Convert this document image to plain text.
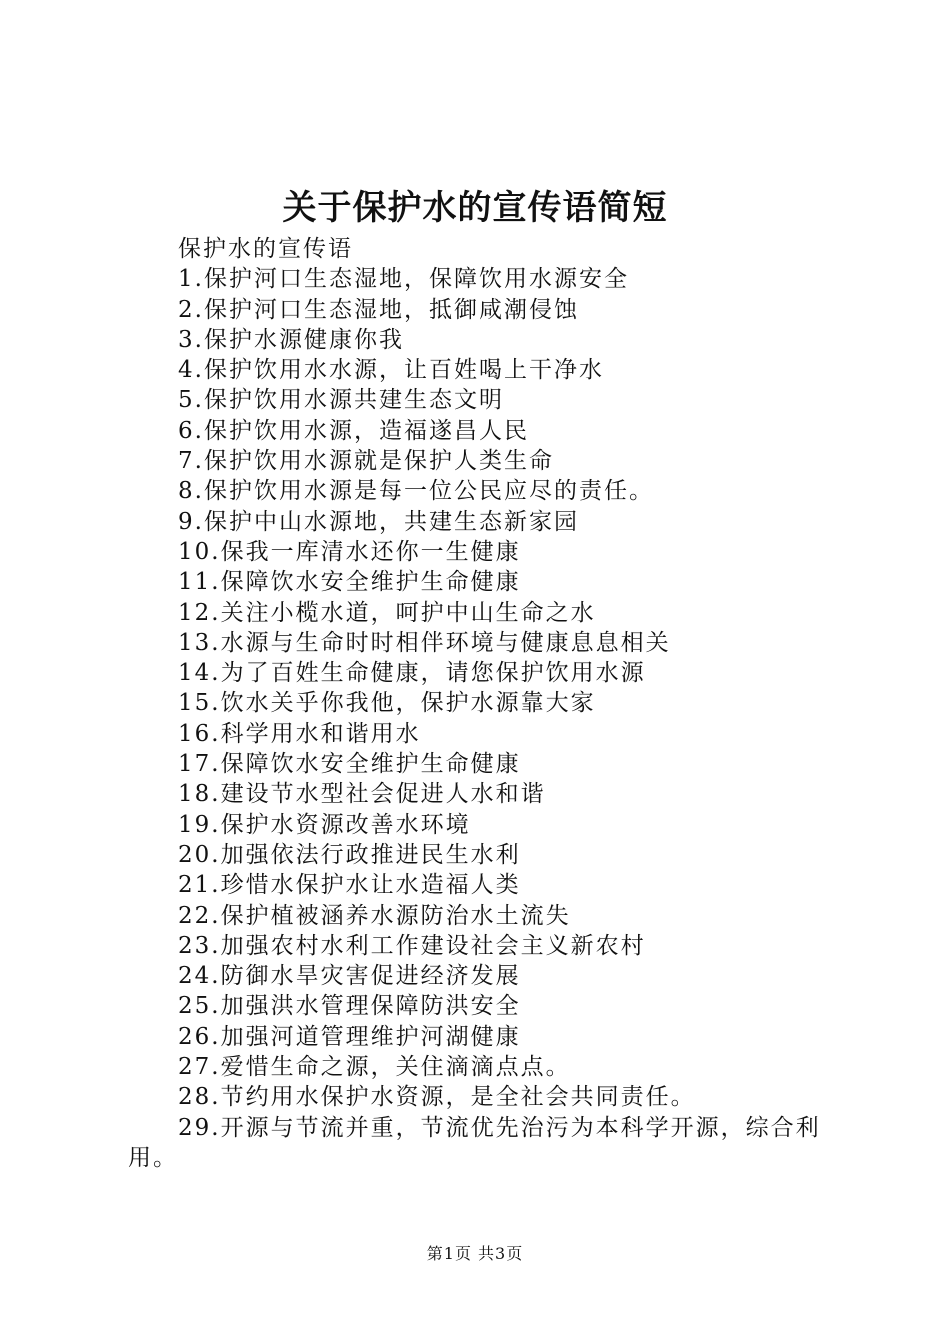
关于保护水的宣传语简短

保护水的宣传语

1.保护河口生态湿地，保障饮用水源安全

2.保护河口生态湿地，抵御咸潮侵蚀

3.保护水源健康你我

4.保护饮用水水源，让百姓喝上干净水

5.保护饮用水源共建生态文明

6.保护饮用水源，造福遂昌人民

7.保护饮用水源就是保护人类生命

8.保护饮用水源是每一位公民应尽的责任。

9.保护中山水源地，共建生态新家园

10.保我一库清水还你一生健康

11.保障饮水安全维护生命健康

12.关注小榄水道，呵护中山生命之水

13.水源与生命时时相伴环境与健康息息相关

14.为了百姓生命健康，请您保护饮用水源

15.饮水关乎你我他，保护水源靠大家

16.科学用水和谐用水

17.保障饮水安全维护生命健康

18.建设节水型社会促进人水和谐

19.保护水资源改善水环境

20.加强依法行政推进民生水利

21.珍惜水保护水让水造福人类

22.保护植被涵养水源防治水土流失

23.加强农村水利工作建设社会主义新农村

24.防御水旱灾害促进经济发展

25.加强洪水管理保障防洪安全

26.加强河道管理维护河湖健康

27.爱惜生命之源，关住滴滴点点。

28.节约用水保护水资源，是全社会共同责任。

29.开源与节流并重，节流优先治污为本科学开源，综合利用。

第1页 共3页
